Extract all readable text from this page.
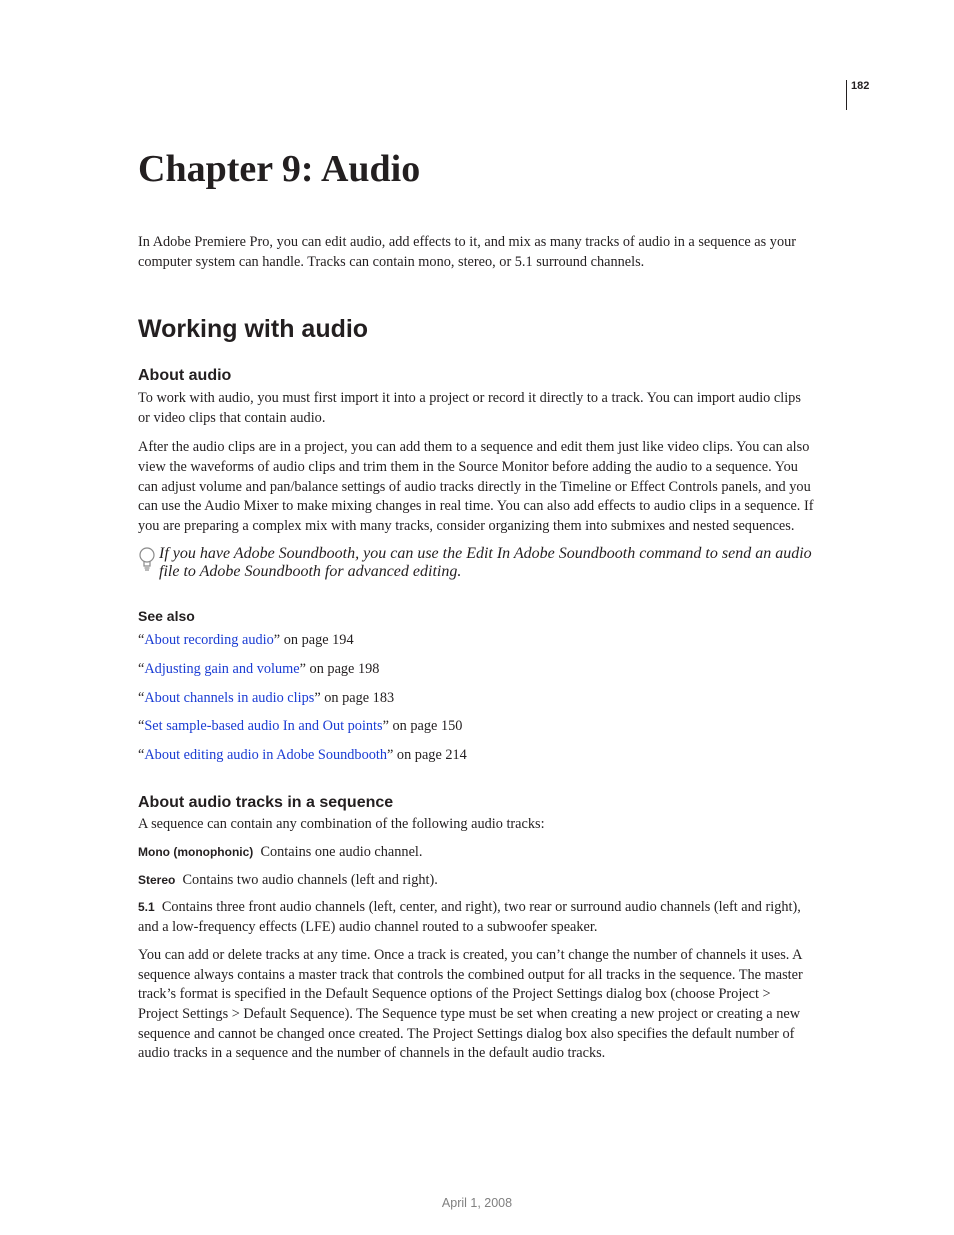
182
Chapter 9: Audio

In Adobe Premiere Pro, you can edit audio, add effects to it, and mix as many tracks of audio in a sequence as your computer system can handle. Tracks can contain mono, stereo, or 5.1 surround channels.

Working with audio
About audio

To work with audio, you must first import it into a project or record it directly to a track. You can import audio clips or video clips that contain audio.

After the audio clips are in a project, you can add them to a sequence and edit them just like video clips. You can also view the waveforms of audio clips and trim them in the Source Monitor before adding the audio to a sequence. You can adjust volume and pan/balance settings of audio tracks directly in the Timeline or Effect Controls panels, and you can use the Audio Mixer to make mixing changes in real time. You can also add effects to audio clips in a sequence. If you are preparing a complex mix with many tracks, consider organizing them into submixes and nested sequences.

If you have Adobe Soundbooth, you can use the Edit In Adobe Soundbooth command to send an audio file to Adobe Soundbooth for advanced editing.
See also

“About recording audio” on page 194

“Adjusting gain and volume” on page 198

“About channels in audio clips” on page 183

“Set sample-based audio In and Out points” on page 150

“About editing audio in Adobe Soundbooth” on page 214

About audio tracks in a sequence

A sequence can contain any combination of the following audio tracks:

Mono (monophonic) Contains one audio channel.

Stereo Contains two audio channels (left and right).

5.1 Contains three front audio channels (left, center, and right), two rear or surround audio channels (left and right), and a low-frequency effects (LFE) audio channel routed to a subwoofer speaker.

You can add or delete tracks at any time. Once a track is created, you can’t change the number of channels it uses. A sequence always contains a master track that controls the combined output for all tracks in the sequence. The master track’s format is specified in the Default Sequence options of the Project Settings dialog box (choose Project > Project Settings > Default Sequence). The Sequence type must be set when creating a new project or creating a new sequence and cannot be changed once created. The Project Settings dialog box also specifies the default number of audio tracks in a sequence and the number of channels in the default audio tracks.

April 1, 2008
